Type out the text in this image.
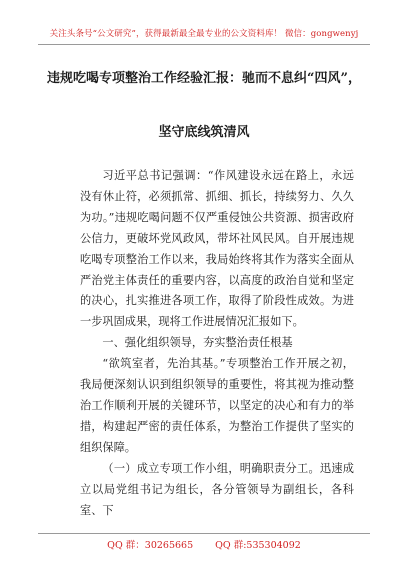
关注头条号“公文研究”，获得最新最全最专业的公文资料库！ 微信：gongwenyj
违规吃喝专项整治工作经验汇报：驰而不息纠“四风”，
坚守底线筑清风

习近平总书记强调：“作风建设永远在路上，永远没有休止符，必须抓常、抓细、抓长，持续努力、久久为功。”违规吃喝问题不仅严重侵蚀公共资源、损害政府公信力，更破坏党风政风，带坏社风民风。自开展违规吃喝专项整治工作以来，我局始终将其作为落实全面从严治党主体责任的重要内容，以高度的政治自觉和坚定的决心，扎实推进各项工作，取得了阶段性成效。为进一步巩固成果，现将工作进展情况汇报如下。

一、强化组织领导，夯实整治责任根基

“欲筑室者，先治其基。”专项整治工作开展之初，我局便深刻认识到组织领导的重要性，将其视为推动整治工作顺利开展的关键环节，以坚定的决心和有力的举措，构建起严密的责任体系，为整治工作提供了坚实的组织保障。

（一）成立专项工作小组，明确职责分工。迅速成立以局党组书记为组长，各分管领导为副组长，各科室、下

QQ 群：30265665 QQ 群:535304092
